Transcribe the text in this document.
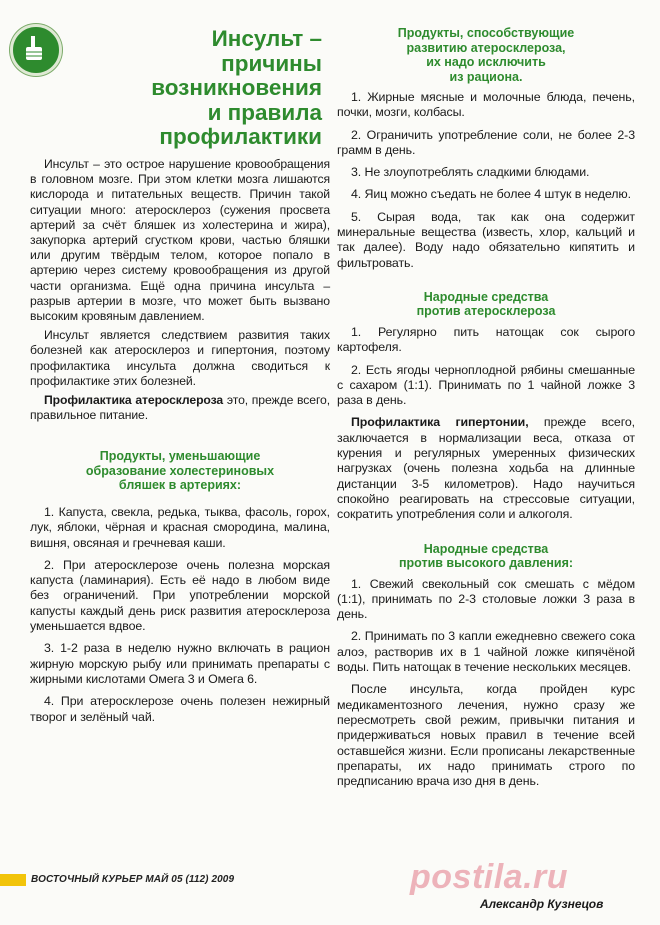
Инсульт –
причины
возникновения
и правила
профилактики

Инсульт – это острое нарушение кровообращения в головном мозге. При этом клетки мозга лишаются кислорода и питательных веществ. Причин такой ситуации много: атеросклероз (сужения просвета артерий за счёт бляшек из холестерина и жира), закупорка артерий сгустком крови, частью бляшки или другим твёрдым телом, которое попало в артерию через систему кровообращения из другой части организма. Ещё одна причина инсульта – разрыв артерии в мозге, что может быть вызвано высоким кровяным давлением.

Инсульт является следствием развития таких болезней как атеросклероз и гипертония, поэтому профилактика инсульта должна сводиться к профилактике этих болезней.

Профилактика атеросклероза это, прежде всего, правильное питание.

Продукты, уменьшающие
образование холестериновых
бляшек в артериях:

1. Капуста, свекла, редька, тыква, фасоль, горох, лук, яблоки, чёрная и красная смородина, малина, вишня, овсяная и гречневая каши.

2. При атеросклерозе очень полезна морская капуста (ламинария). Есть её надо в любом виде без ограничений. При употреблении морской капусты каждый день риск развития атеросклероза уменьшается вдвое.

3. 1-2 раза в неделю нужно включать в рацион жирную морскую рыбу или принимать препараты с жирными кислотами Омега 3 и Омега 6.

4. При атеросклерозе очень полезен нежирный творог и зелёный чай.

Продукты, способствующие
развитию атеросклероза,
их надо исключить
из рациона.

1. Жирные мясные и молочные блюда, печень, почки, мозги, колбасы.

2. Ограничить употребление соли, не более 2-3 грамм в день.

3. Не злоупотреблять сладкими блюдами.

4. Яиц можно съедать не более 4 штук в неделю.

5. Сырая вода, так как она содержит минеральные вещества (известь, хлор, кальций и так далее). Воду надо обязательно кипятить и фильтровать.

Народные средства
против атеросклероза

1. Регулярно пить натощак сок сырого картофеля.

2. Есть ягоды черноплодной рябины смешанные с сахаром (1:1). Принимать по 1 чайной ложке 3 раза в день.

Профилактика гипертонии, прежде всего, заключается в нормализации веса, отказа от курения и регулярных умеренных физических нагрузках (очень полезна ходьба на длинные дистанции 3-5 километров). Надо научиться спокойно реагировать на стрессовые ситуации, сократить употребления соли и алкоголя.

Народные средства
против высокого давления:

1. Свежий свекольный сок смешать с мёдом (1:1), принимать по 2-3 столовые ложки 3 раза в день.

2. Принимать по 3 капли ежедневно свежего сока алоэ, растворив их в 1 чайной ложке кипячёной воды. Пить натощак в течение нескольких месяцев.

После инсульта, когда пройден курс медикаментозного лечения, нужно сразу же пересмотреть свой режим, привычки питания и придерживаться новых правил в течение всей оставшейся жизни. Если прописаны лекарственные препараты, их надо принимать строго по предписанию врача изо дня в день.

postila.ru
Александр Кузнецов
ВОСТОЧНЫЙ КУРЬЕР МАЙ 05 (112) 2009
